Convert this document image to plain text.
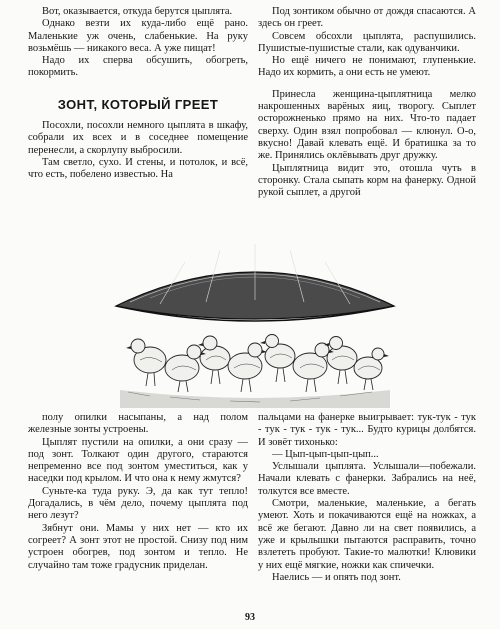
Вот, оказывается, откуда берутся цыплята.

Однако везти их куда-либо ещё рано. Маленькие уж очень, слабенькие. На руку возьмёшь — никакого веса. А уже пищат!

Надо их сперва обсушить, обогреть, покормить.

ЗОНТ, КОТОРЫЙ ГРЕЕТ

Посохли, посохли немного цыплята в шкафу, собрали их всех и в соседнее помещение перенесли, а скорлупу выбросили.

Там светло, сухо. И стены, и потолок, и всё, что есть, побелено известью. На

Под зонтиком обычно от дождя спасаются. А здесь он греет.

Совсем обсохли цыплята, распушились. Пушистые-пушистые стали, как одуванчики.

Но ещё ничего не понимают, глупенькие. Надо их кормить, а они есть не умеют.

Принесла женщина-цыплятница мелко накрошенных варёных яиц, творогу. Сыплет осторожненько прямо на них. Что-то падает сверху. Один взял попробовал — клюнул. О-о, вкусно! Давай клевать ещё. И братишка за то же. Принялись оклёвывать друг дружку.

Цыплятница видит это, отошла чуть в сторонку. Стала сыпать корм на фанерку. Одной рукой сыплет, а другой

полу опилки насыпаны, а над полом железные зонты устроены.

Цыплят пустили на опилки, а они сразу — под зонт. Толкают один другого, стараются непременно все под зонтом уместиться, как у наседки под крылом. И что она к нему жмутся?

Суньте-ка туда руку. Э, да как тут тепло! Догадались, в чём дело, почему цыплята под него лезут?

Зябнут они. Мамы у них нет — кто их согреет? А зонт этот не простой. Снизу под ним устроен обогрев, под зонтом и тепло. Не случайно там тоже градусник приделан.

пальцами на фанерке выигрывает: тук-тук - тук - тук - тук - тук - тук... Будто курицы долбятся. И зовёт тихонько:

— Цып-цып-цып-цып...

Услышали цыплята. Услышали—побежали. Начали клевать с фанерки. Забрались на неё, толкутся все вместе.

Смотри, маленькие, маленькие, а бегать умеют. Хоть и покачиваются ещё на ножках, а всё же бегают. Давно ли на свет появились, а уже и крылышки пытаются расправить, точно взлететь пробуют. Такие-то малютки! Клювики у них ещё мягкие, ножки как спичечки.

Наелись — и опять под зонт.

93
